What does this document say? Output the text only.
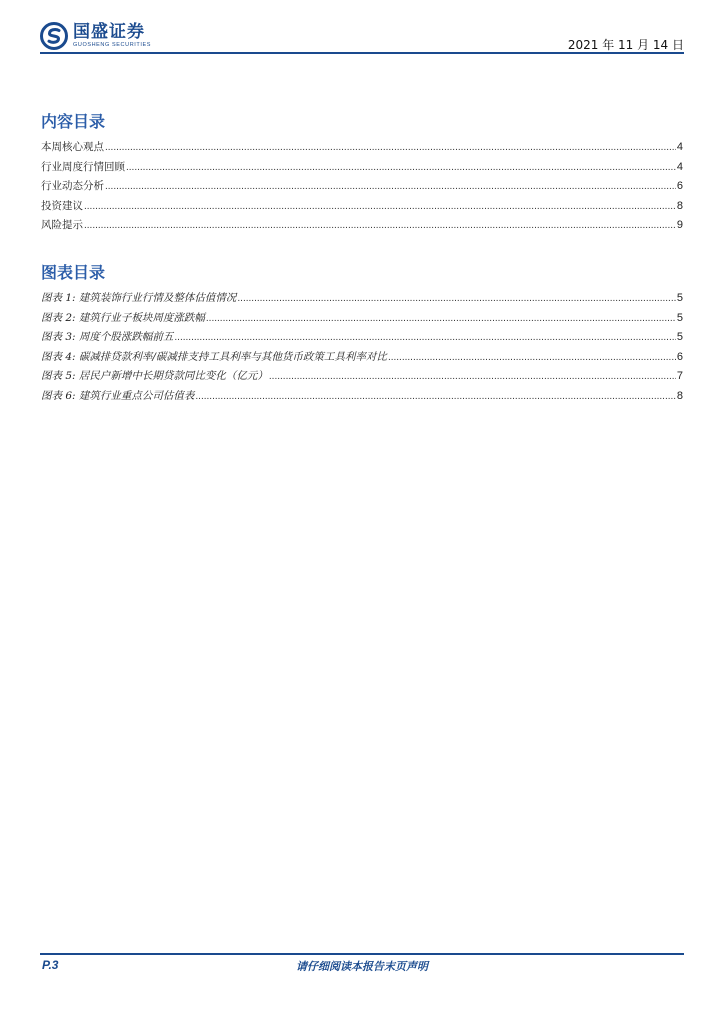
国盛证券
GUOSHENG SECURITIES	2021 年 11 月 14 日
内容目录
本周核心观点 .....	4
行业周度行情回顾 .....	4
行业动态分析 .....	6
投资建议 .....	8
风险提示 .....	9
图表目录
图表 1: 建筑装饰行业行情及整体估值情况 .....	5
图表 2: 建筑行业子板块周度涨跌幅 .....	5
图表 3: 周度个股涨跌幅前五 .....	5
图表 4: 碳减排贷款利率/碳减排支持工具利率与其他货币政策工具利率对比 .....	6
图表 5: 居民户新增中长期贷款同比变化（亿元） .....	7
图表 6: 建筑行业重点公司估值表 .....	8
P.3	请仔细阅读本报告末页声明
